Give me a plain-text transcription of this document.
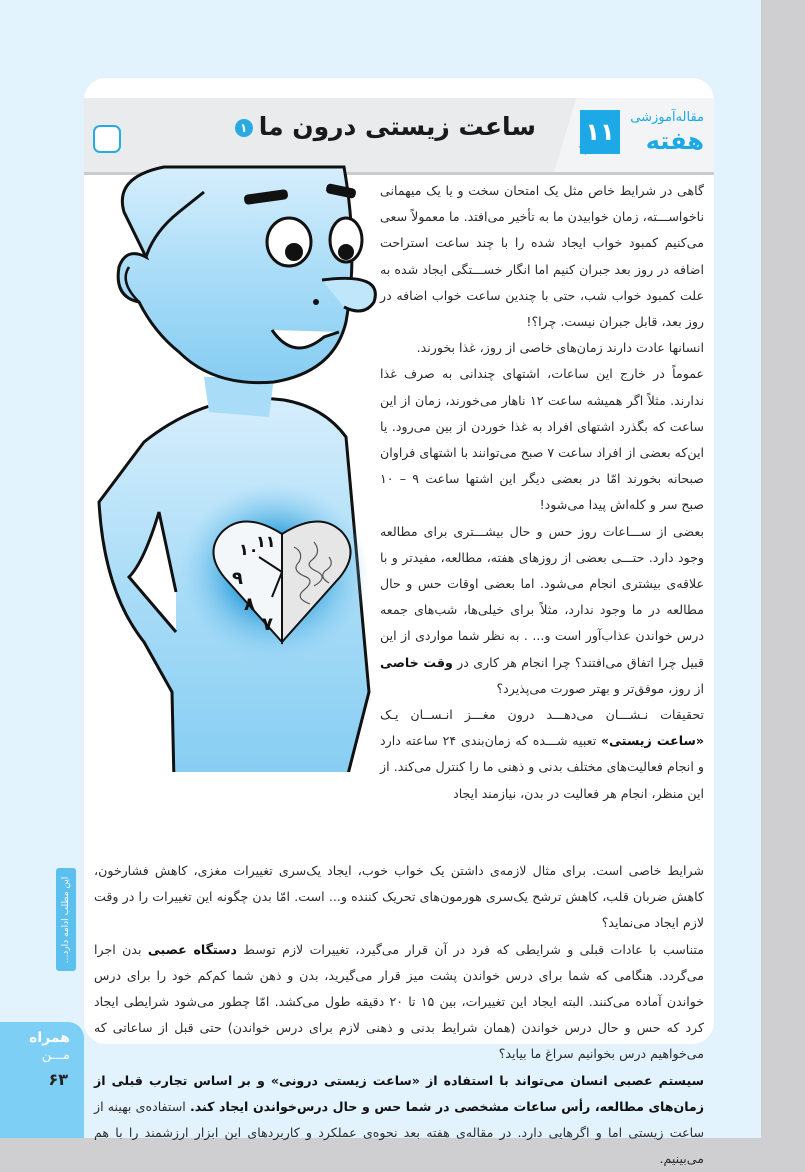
ساعت زیستی درون ما۱	۱۱
مقاله‌آموزشی
هفته
۱۰
۱۱
۹
۸
۷

گاهی در شرایط خاص مثل یک امتحان سخت و یا یک میهمانی ناخواســـته، زمان خوابیدن ما به تأخیر می‌افتد. ما معمولاً سعی می‌کنیم کمبود خواب ایجاد شده را با چند ساعت استراحت اضافه در روز بعد جبران کنیم اما انگار خســـتگی ایجاد شده به علت کمبود خواب شب، حتی با چندین ساعت خواب اضافه در روز بعد، قابل جبران نیست. چرا؟!

انسانها عادت دارند زمان‌های خاصی از روز، غذا بخورند.

عموماً در خارج این ساعات، اشتهای چندانی به صرف غذا ندارند. مثلاً اگر همیشه ساعت ۱۲ ناهار می‌خورند، زمان از این ساعت که بگذرد اشتهای افراد به غذا خوردن از بین می‌رود. یا این‌که بعضی از افراد ساعت ۷ صبح می‌توانند با اشتهای فراوان صبحانه بخورند امّا در بعضی دیگر این اشتها ساعت ۹ – ۱۰ صبح سر و کله‌اش پیدا می‌شود!

بعضی از ســـاعات روز حس و حال بیشـــتری برای مطالعه وجود دارد. حتـــی بعضی از روزهای هفته، مطالعه، مفیدتر و با علاقه‌ی بیشتری انجام می‌شود. اما بعضی اوقات حس و حال مطالعه در ما وجود ندارد، مثلاً برای خیلی‌ها، شب‌های جمعه درس خواندن عذاب‌آور است و... . به نظر شما مواردی از این قبیل چرا اتفاق می‌افتند؟ چرا انجام هر کاری در وقت خاصی از روز، موفق‌تر و بهتر صورت می‌پذیرد؟

تحقیقات نـشـــان می‌دهـــد درون مغـــز انـســان یـک «ساعت زیستی» تعبیه شـــده که زمان‌بندی ۲۴ ساعته دارد و انجام فعالیت‌های مختلف بدنی و ذهنی ما را کنترل می‌کند. از این منظر، انجام هر فعالیت در بدن، نیازمند ایجاد

شرایط خاصی است. برای مثال لازمه‌ی داشتن یک خواب خوب، ایجاد یک‌سری تغییرات مغزی، کاهش فشارخون، کاهش ضربان قلب، کاهش ترشح یک‌سری هورمون‌های تحریک کننده و... است. امّا بدن چگونه این تغییرات را در وقت لازم ایجاد می‌نماید؟

متناسب با عادات قبلی و شرایطی که فرد در آن قرار می‌گیرد، تغییرات لازم توسط دستگاه عصبی بدن اجرا می‌گردد. هنگامی که شما برای درس خواندن پشت میز قرار می‌گیرید، بدن و ذهن شما کم‌کم خود را برای درس خواندن آماده می‌کنند. البته ایجاد این تغییرات، بین ۱۵ تا ۲۰ دقیقه طول می‌کشد. امّا چطور می‌شود شرایطی ایجاد کرد که حس و حال درس خواندن (همان شرایط بدنی و ذهنی لازم برای درس خواندن) حتی قبل از ساعاتی که می‌خواهیم درس بخوانیم سراغ ما بیاید؟

سیستم عصبی انسان می‌تواند با استفاده از «ساعت زیستی درونی» و بر اساس تجارب قبلی از زمان‌های مطالعه، رأس ساعات مشخصی در شما حس و حال درس‌خواندن ایجاد کند. استفاده‌ی بهینه از ساعت زیستی اما و اگرهایی دارد. در مقاله‌ی هفته بعد نحوه‌ی عملکرد و کاربردهای این ابزار ارزشمند را با هم می‌بینیم.

این مطلب ادامه دارد...
همراه
مـــن
۶۳
